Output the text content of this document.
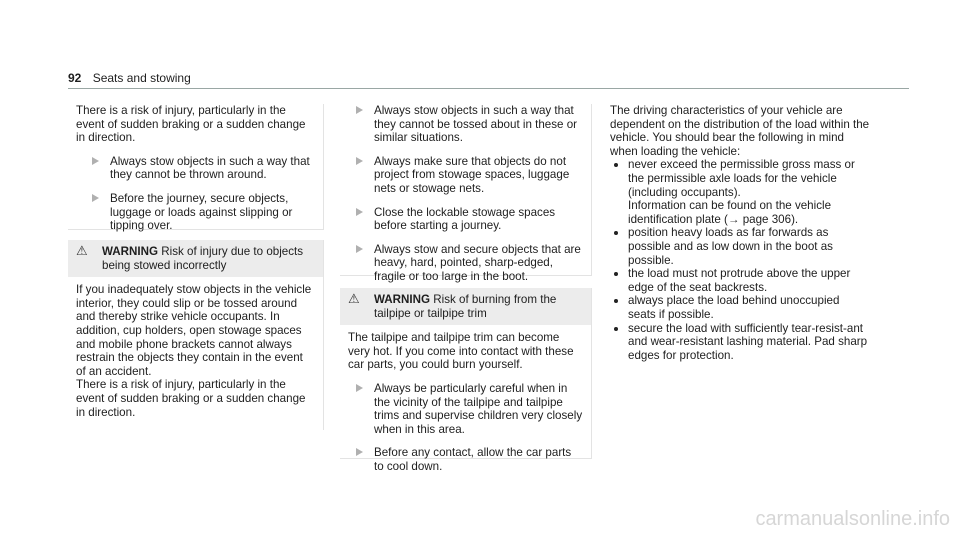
92 Seats and stowing

There is a risk of injury, particularly in the event of sudden braking or a sudden change in direction.

Always stow objects in such a way that they cannot be thrown around.

Before the journey, secure objects, luggage or loads against slipping or tipping over.

⚠ WARNING Risk of injury due to objects being stowed incorrectly

If you inadequately stow objects in the vehicle interior, they could slip or be tossed around and thereby strike vehicle occupants. In addition, cup holders, open stowage spaces and mobile phone brackets cannot always restrain the objects they contain in the event of an accident.

There is a risk of injury, particularly in the event of sudden braking or a sudden change in direction.

Always stow objects in such a way that they cannot be tossed about in these or similar situations.

Always make sure that objects do not project from stowage spaces, luggage nets or stowage nets.

Close the lockable stowage spaces before starting a journey.

Always stow and secure objects that are heavy, hard, pointed, sharp-edged, fragile or too large in the boot.

⚠ WARNING Risk of burning from the tailpipe or tailpipe trim

The tailpipe and tailpipe trim can become very hot. If you come into contact with these car parts, you could burn yourself.

Always be particularly careful when in the vicinity of the tailpipe and tailpipe trims and supervise children very closely when in this area.

Before any contact, allow the car parts to cool down.

The driving characteristics of your vehicle are dependent on the distribution of the load within the vehicle. You should bear the following in mind when loading the vehicle:

never exceed the permissible gross mass or the permissible axle loads for the vehicle (including occupants).

Information can be found on the vehicle identification plate (→ page 306).

position heavy loads as far forwards as possible and as low down in the boot as possible.

the load must not protrude above the upper edge of the seat backrests.

always place the load behind unoccupied seats if possible.

secure the load with sufficiently tear-resist-ant and wear-resistant lashing material. Pad sharp edges for protection.

carmanualsonline.info
